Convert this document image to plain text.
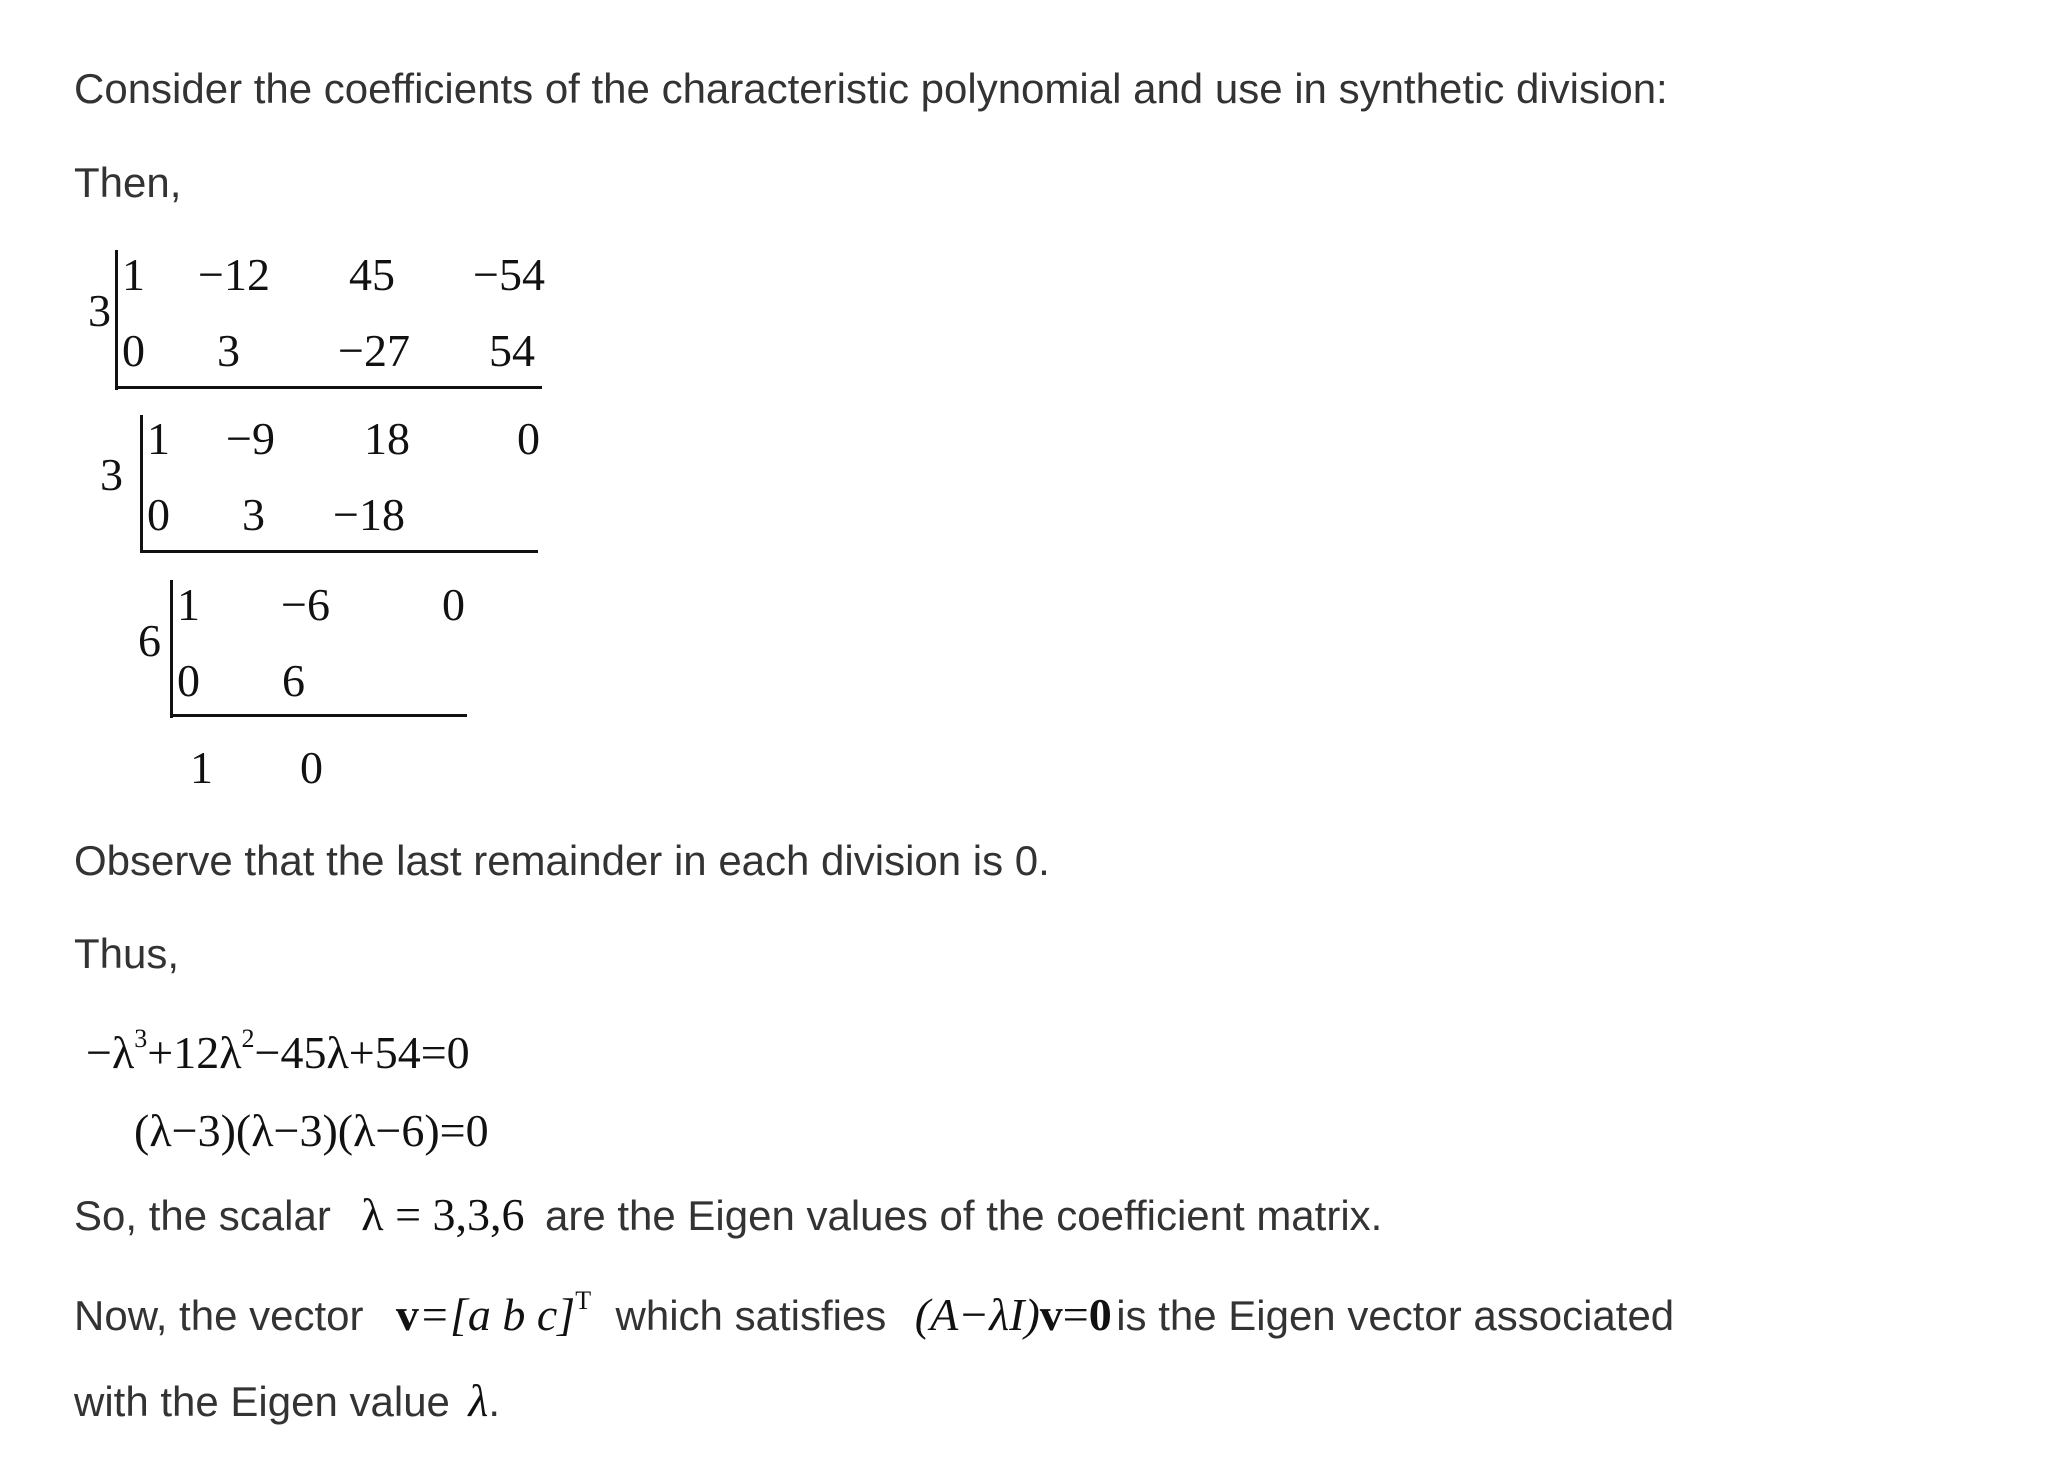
Consider the coefficients of the characteristic polynomial and use in synthetic division:
Then,
3
1	−12	45	−54
0	3	−27	54
3
1	−9	18	0
0	3	−18
6
1	−6	0
0	6
1 0
Observe that the last remainder in each division is 0.
Thus,
$-\lambda^3+12\lambda^2-45\lambda+54=0$
(λ−3)(λ−3)(λ−6)=0
So, the scalar λ = 3,3,6 are the Eigen values of the coefficient matrix.
Now, the vector v=[a b c]$^T$ which satisfies (A−λI)v=0 is the Eigen vector associated
with the Eigen value λ.
